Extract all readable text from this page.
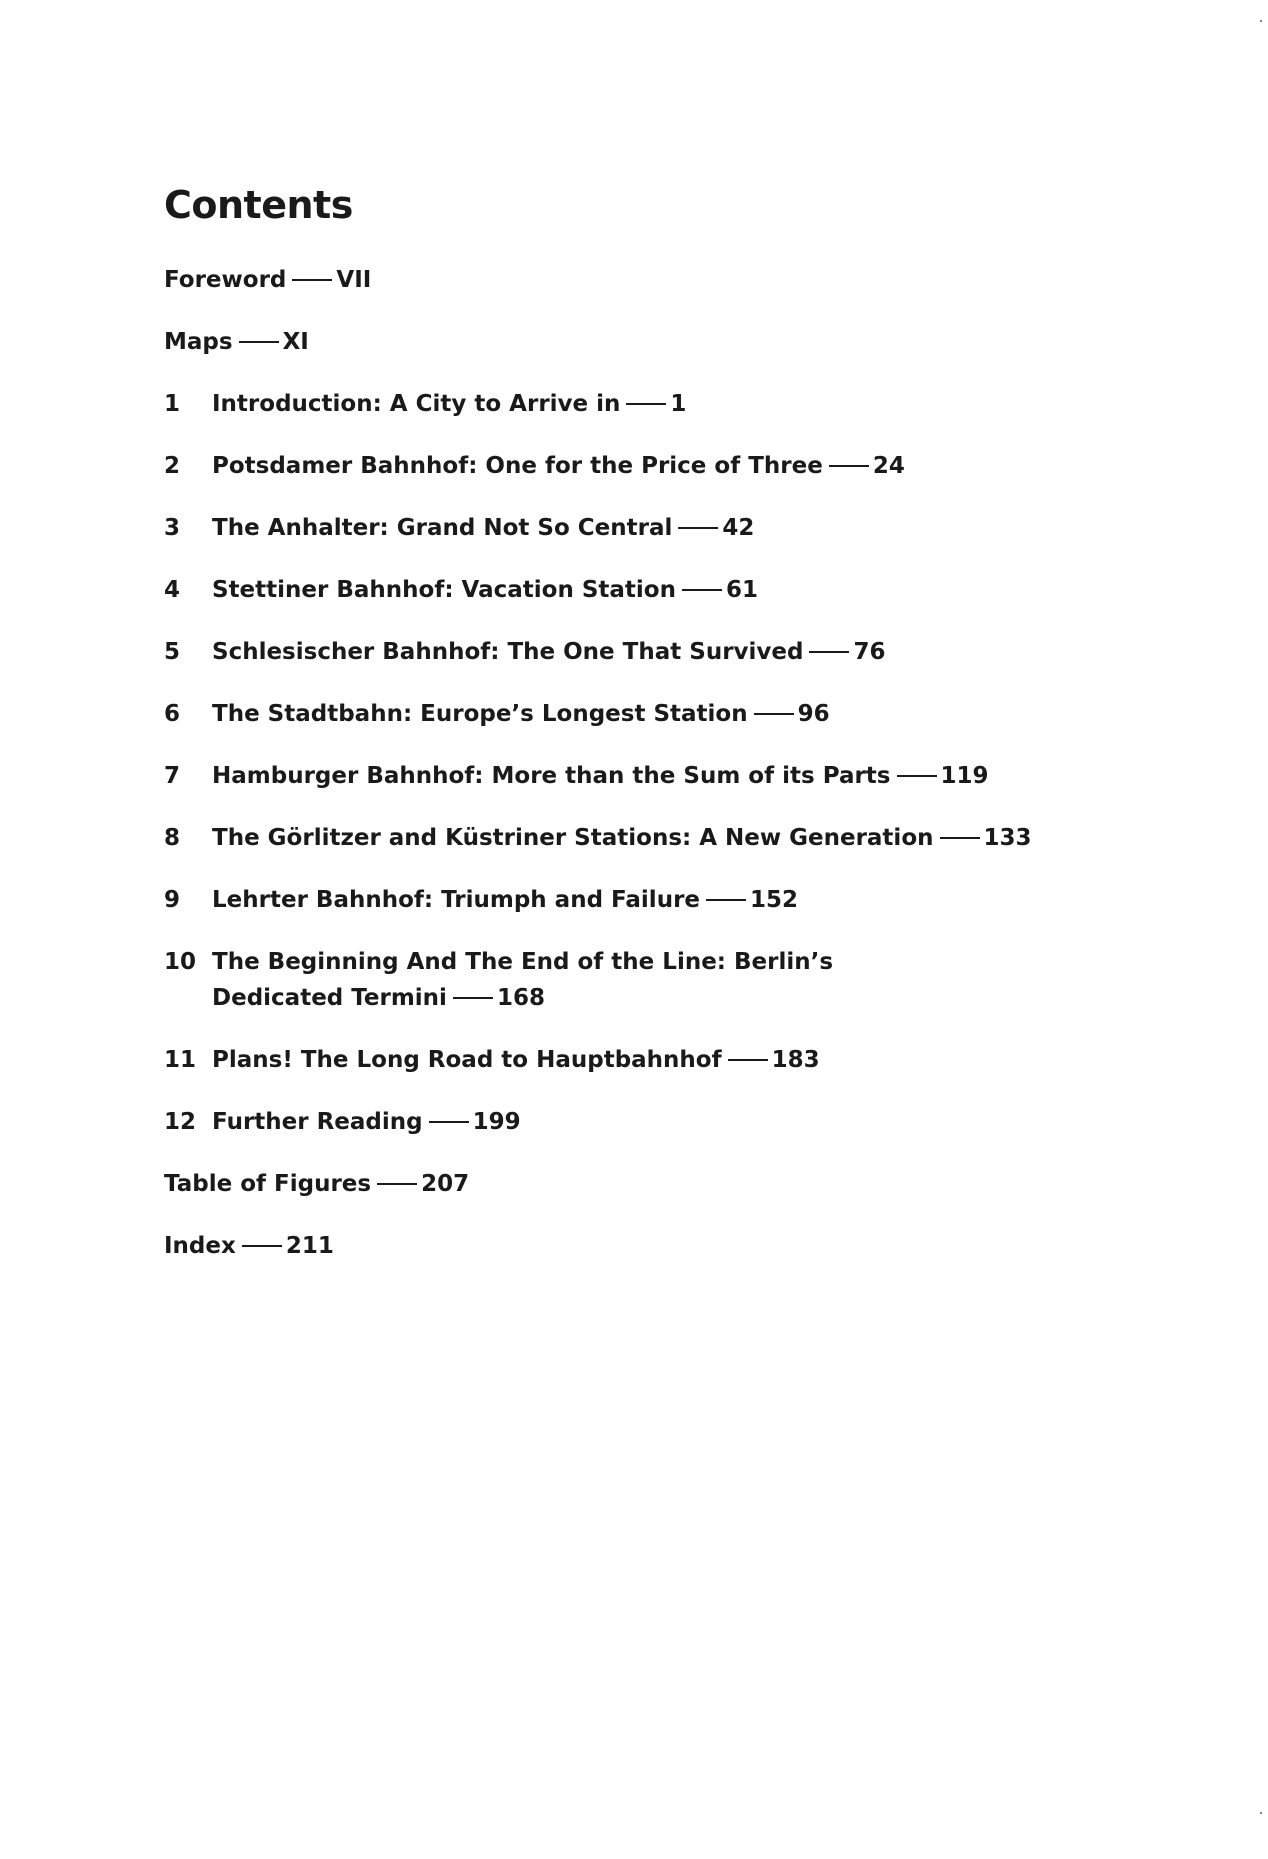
Contents
Foreword VII
Maps XI
1	Introduction: A City to Arrive in 1
2	Potsdamer Bahnhof: One for the Price of Three 24
3	The Anhalter: Grand Not So Central 42
4	Stettiner Bahnhof: Vacation Station 61
5	Schlesischer Bahnhof: The One That Survived 76
6	The Stadtbahn: Europe’s Longest Station 96
7	Hamburger Bahnhof: More than the Sum of its Parts 119
8	The Görlitzer and Küstriner Stations: A New Generation 133
9	Lehrter Bahnhof: Triumph and Failure 152
10 The Beginning And The End of the Line: Berlin’s Dedicated Termini 168
11 Plans! The Long Road to Hauptbahnhof 183
12 Further Reading 199
Table of Figures 207
Index 211
